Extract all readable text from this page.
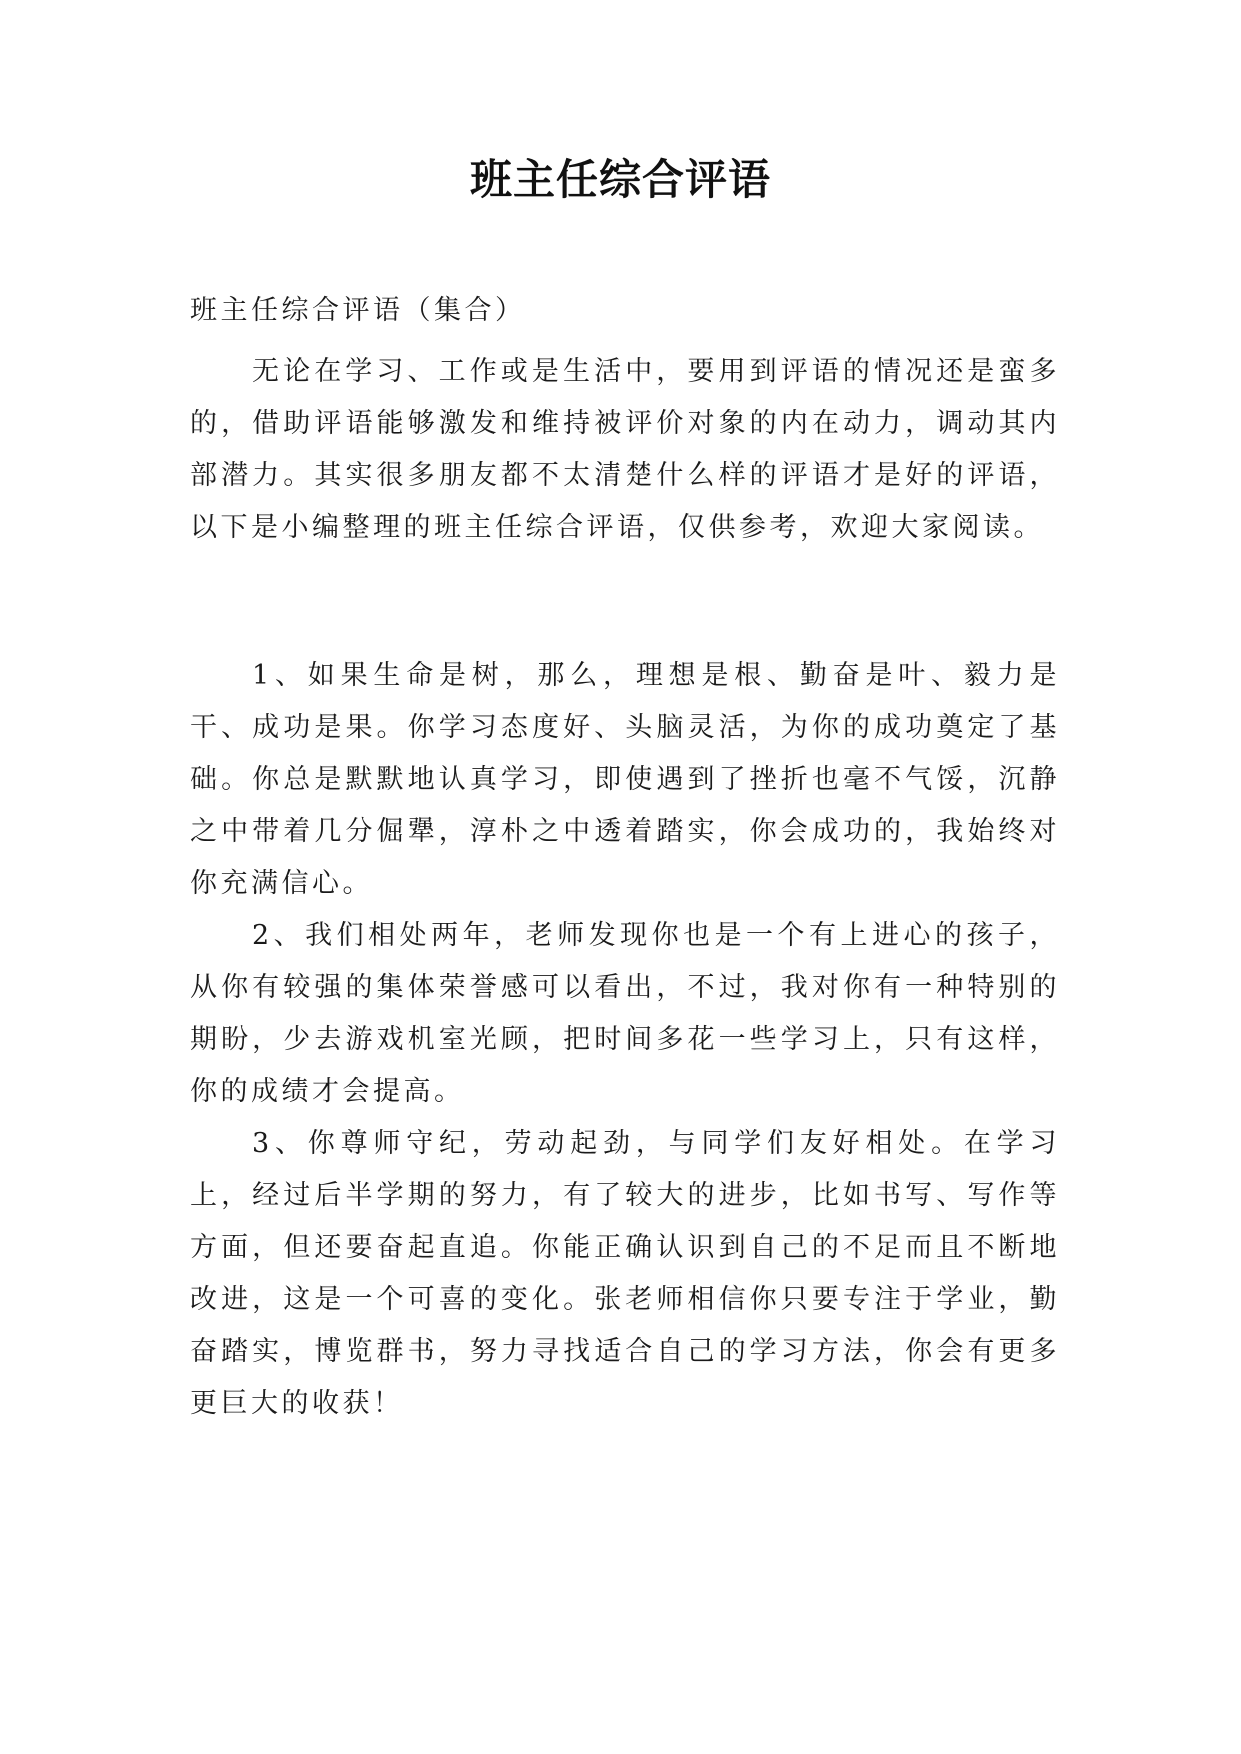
班主任综合评语

班主任综合评语（集合）

无论在学习、工作或是生活中，要用到评语的情况还是蛮多的，借助评语能够激发和维持被评价对象的内在动力，调动其内部潜力。其实很多朋友都不太清楚什么样的评语才是好的评语，以下是小编整理的班主任综合评语，仅供参考，欢迎大家阅读。

1、如果生命是树，那么，理想是根、勤奋是叶、毅力是干、成功是果。你学习态度好、头脑灵活，为你的成功奠定了基础。你总是默默地认真学习，即使遇到了挫折也毫不气馁，沉静之中带着几分倔犟，淳朴之中透着踏实，你会成功的，我始终对你充满信心。

2、我们相处两年，老师发现你也是一个有上进心的孩子，从你有较强的集体荣誉感可以看出，不过，我对你有一种特别的期盼，少去游戏机室光顾，把时间多花一些学习上，只有这样，你的成绩才会提高。

3、你尊师守纪，劳动起劲，与同学们友好相处。在学习上，经过后半学期的努力，有了较大的进步，比如书写、写作等方面，但还要奋起直追。你能正确认识到自己的不足而且不断地改进，这是一个可喜的变化。张老师相信你只要专注于学业，勤奋踏实，博览群书，努力寻找适合自己的学习方法，你会有更多更巨大的收获！
